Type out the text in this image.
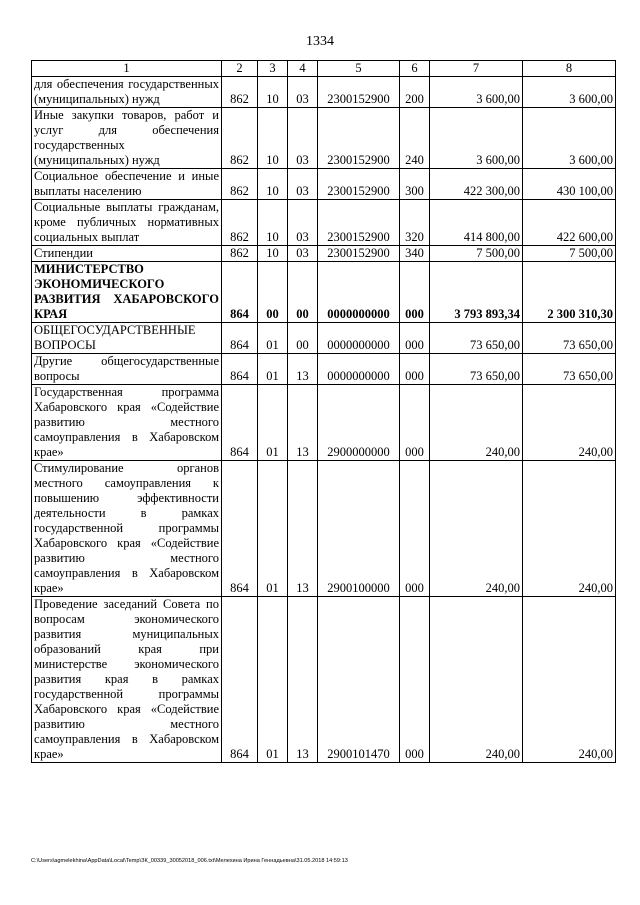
1334
1	2	3	4	5	6	7	8
для обеспечения государственных (муниципальных) нужд	862	10	03	2300152900	200	3 600,00	3 600,00
Иные закупки товаров, работ и услуг для обеспечения государственных (муниципальных) нужд	862	10	03	2300152900	240	3 600,00	3 600,00
Социальное обеспечение и иные выплаты населению	862	10	03	2300152900	300	422 300,00	430 100,00
Социальные выплаты гражданам, кроме публичных нормативных социальных выплат	862	10	03	2300152900	320	414 800,00	422 600,00
Стипендии	862	10	03	2300152900	340	7 500,00	7 500,00
МИНИСТЕРСТВО ЭКОНОМИЧЕСКОГО РАЗВИТИЯ ХАБАРОВСКОГО КРАЯ	864	00	00	0000000000	000	3 793 893,34	2 300 310,30
ОБЩЕГОСУДАРСТВЕННЫЕ ВОПРОСЫ	864	01	00	0000000000	000	73 650,00	73 650,00
Другие общегосударственные вопросы	864	01	13	0000000000	000	73 650,00	73 650,00
Государственная программа Хабаровского края «Содействие развитию местного самоуправления в Хабаровском крае»	864	01	13	2900000000	000	240,00	240,00
Стимулирование органов местного самоуправления к повышению эффективности деятельности в рамках государственной программы Хабаровского края «Содействие развитию местного самоуправления в Хабаровском крае»	864	01	13	2900100000	000	240,00	240,00
Проведение заседаний Совета по вопросам экономического развития муниципальных образований края при министерстве экономического развития края в рамках государственной программы Хабаровского края «Содействие развитию местного самоуправления в Хабаровском крае»	864	01	13	2900101470	000	240,00	240,00
C:\Users\agmelekhina\AppData\Local\Temp\ЗК_00339_30052018_006.txt\Мелехина Ирина Геннадьевна\31.05.2018 14:59:13
